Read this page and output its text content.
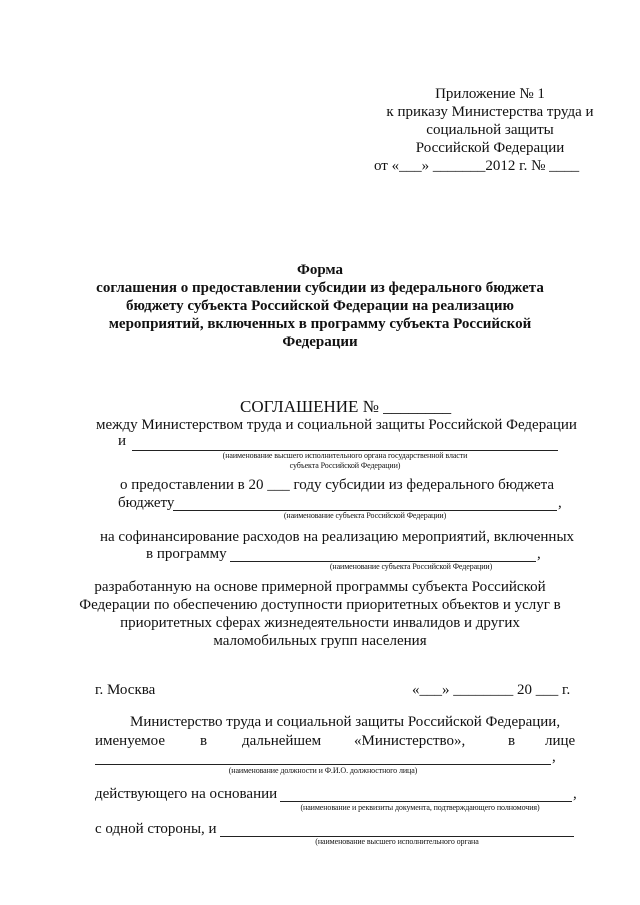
Приложение № 1
к приказу Министерства труда и
социальной защиты
Российской Федерации
от «___» _______2012 г. № ____
Форма
соглашения о предоставлении субсидии из федерального бюджета
бюджету субъекта Российской Федерации на реализацию
мероприятий, включенных в программу субъекта Российской
Федерации
СОГЛАШЕНИЕ № ________
между Министерством труда и социальной защиты Российской Федерации
и
(наименование высшего исполнительного органа государственной власти
субъекта Российской Федерации)
о предоставлении в 20 ___ году субсидии из федерального бюджета
бюджету	,
(наименование субъекта Российской Федерации)
на софинансирование расходов на реализацию мероприятий, включенных
в программу	,
(наименование субъекта Российской Федерации)
разработанную на основе примерной программы субъекта Российской
Федерации по обеспечению доступности приоритетных объектов и услуг в
приоритетных сферах жизнедеятельности инвалидов и других
маломобильных групп населения
г. Москва	«___» ________ 20 ___ г.
Министерство труда и социальной защиты Российской Федерации,
именуемое в дальнейшем «Министерство»,	в лице
,
(наименование должности и Ф.И.О. должностного лица)
действующего на основании	,
(наименование и реквизиты документа, подтверждающего полномочия)
с одной стороны, и
(наименование высшего исполнительного органа
